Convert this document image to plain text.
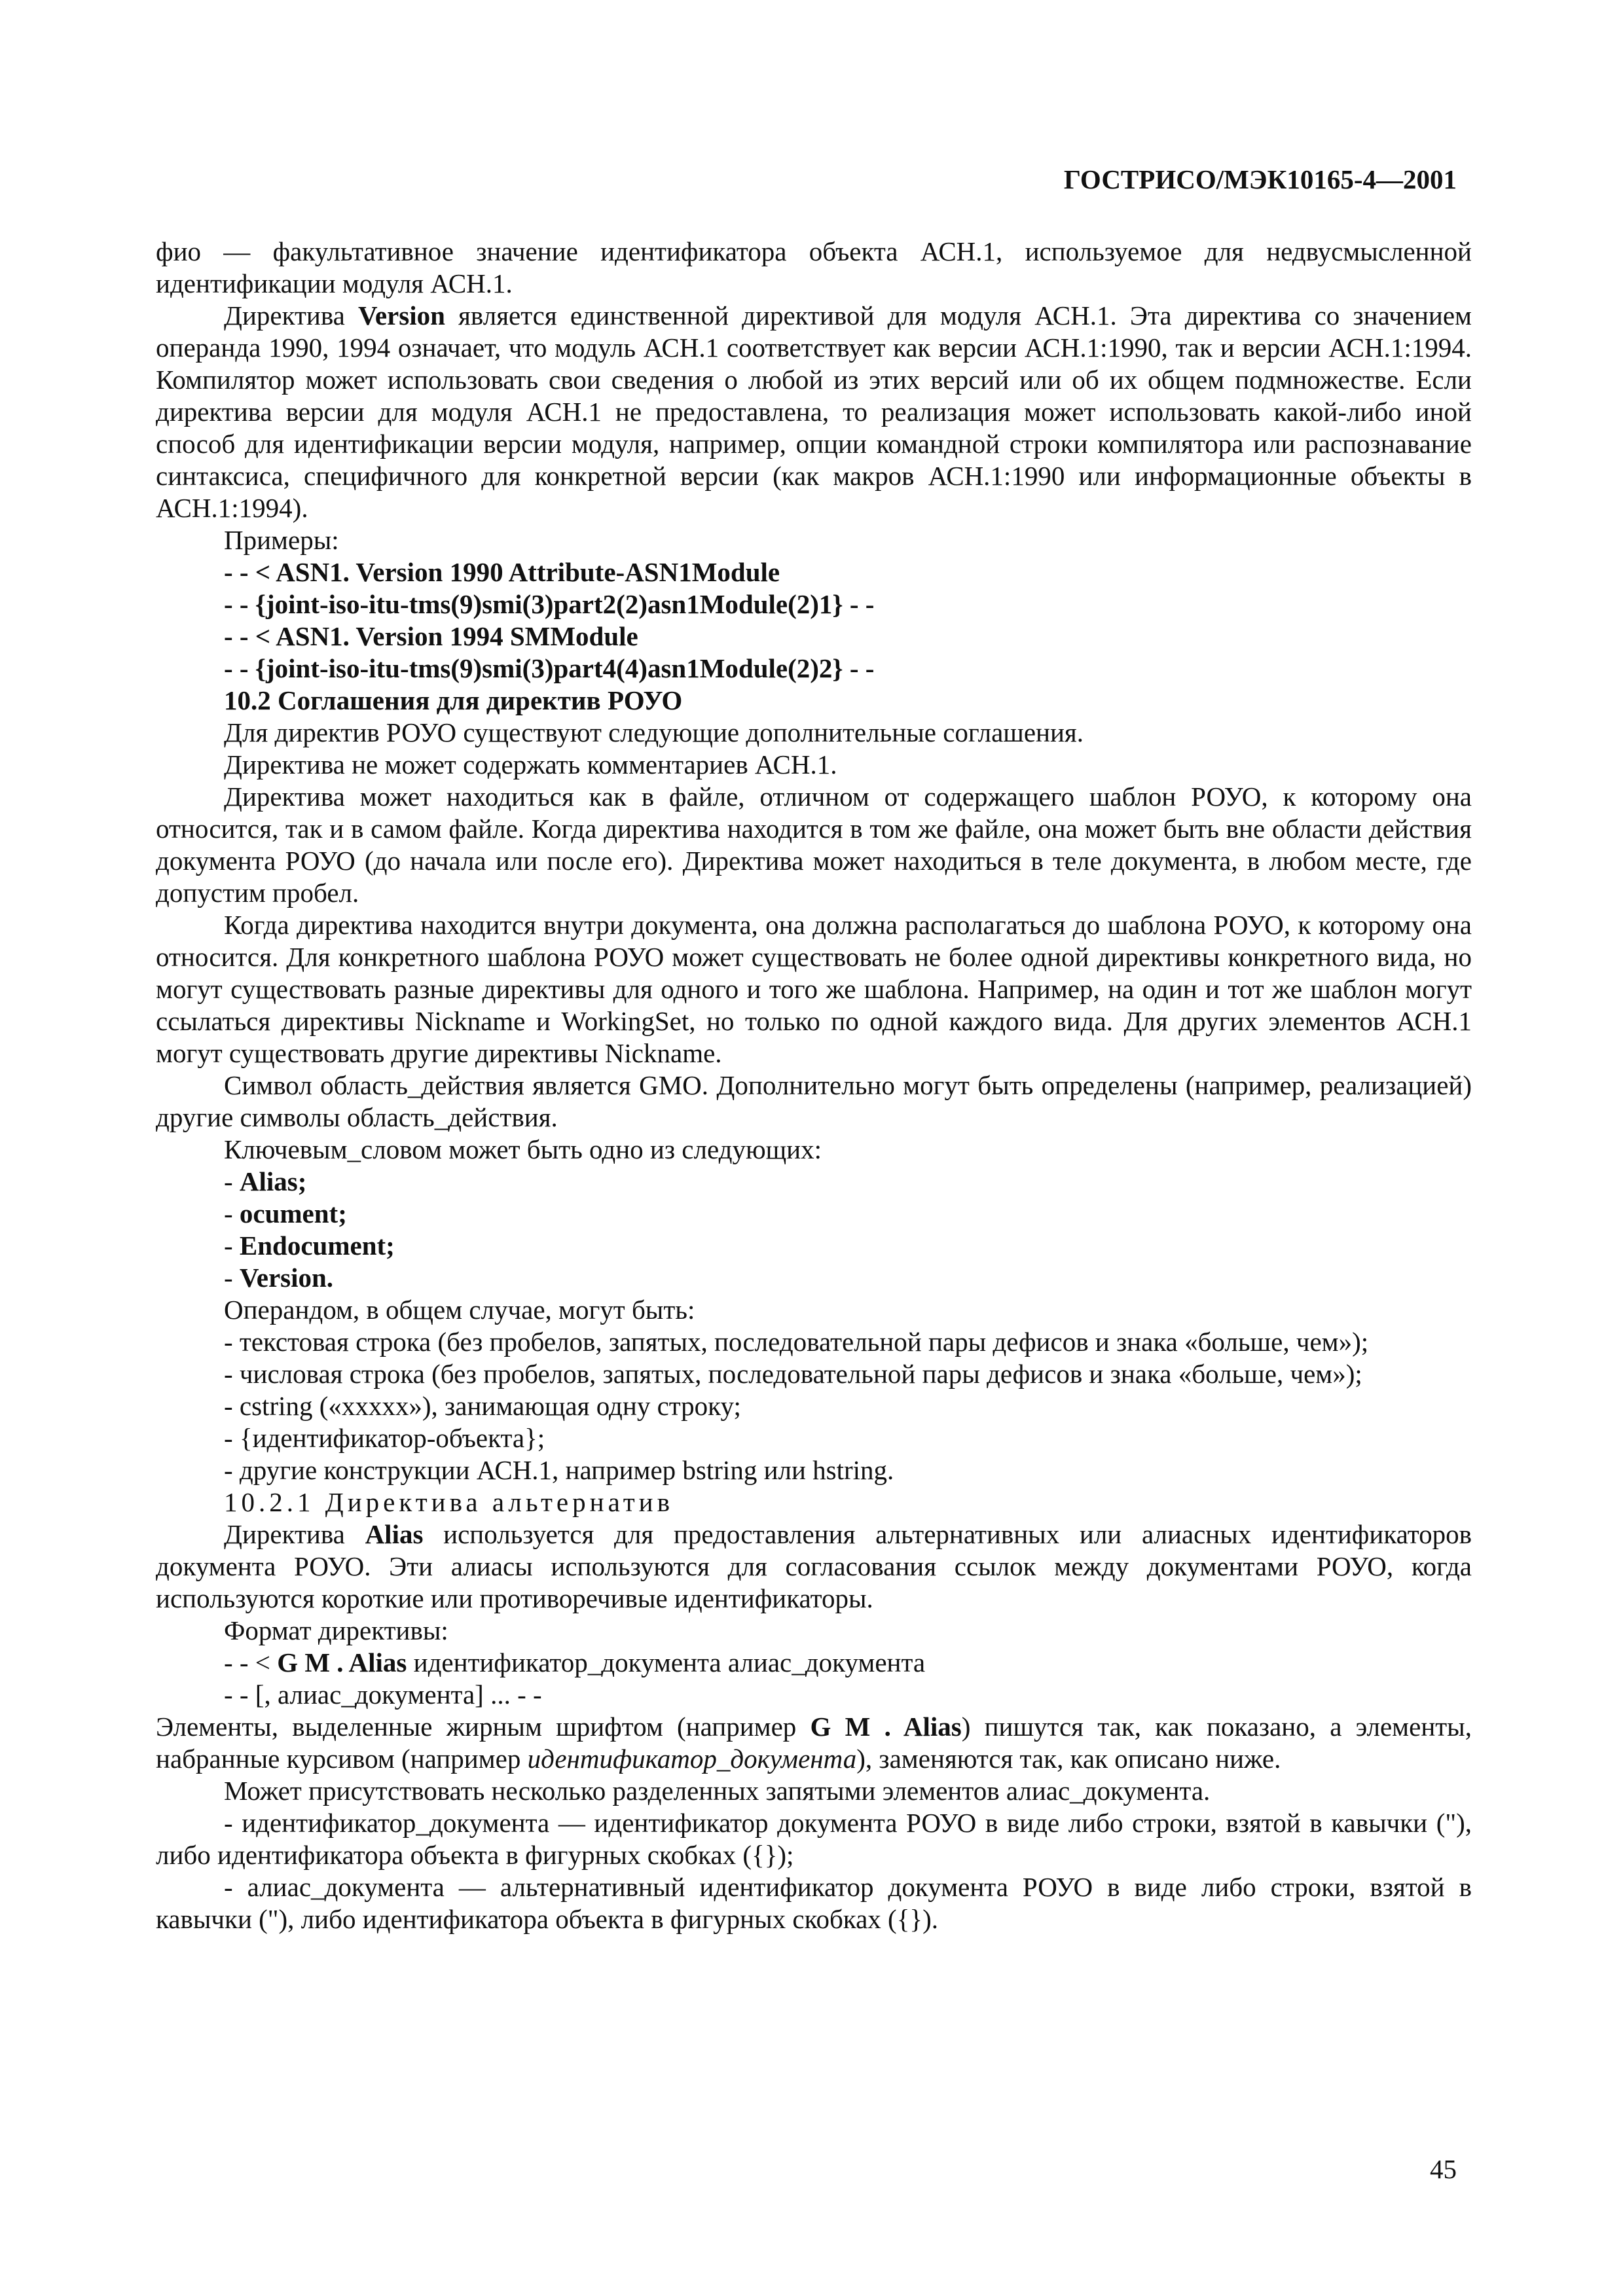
ГОСТРИСО/МЭК10165-4—2001

фио — факультативное значение идентификатора объекта АСН.1, используемое для недвусмысленной идентификации модуля АСН.1.

Директива Version является единственной директивой для модуля АСН.1. Эта директива со значением операнда 1990, 1994 означает, что модуль АСН.1 соответствует как версии АСН.1:1990, так и версии АСН.1:1994. Компилятор может использовать свои сведения о любой из этих версий или об их общем подмножестве. Если директива версии для модуля АСН.1 не предоставлена, то реализация может использовать какой-либо иной способ для идентификации версии модуля, например, опции командной строки компилятора или распознавание синтаксиса, специфичного для конкретной версии (как макров АСН.1:1990 или информационные объекты в АСН.1:1994).

Примеры:

- - < ASN1. Version 1990 Attribute-ASN1Module

- - {joint-iso-itu-tms(9)smi(3)part2(2)asn1Module(2)1} - -

- - < ASN1. Version 1994 SMModule

- - {joint-iso-itu-tms(9)smi(3)part4(4)asn1Module(2)2} - -

10.2 Соглашения для директив РОУО

Для директив РОУО существуют следующие дополнительные соглашения.

Директива не может содержать комментариев АСН.1.

Директива может находиться как в файле, отличном от содержащего шаблон РОУО, к которому она относится, так и в самом файле. Когда директива находится в том же файле, она может быть вне области действия документа РОУО (до начала или после его). Директива может находиться в теле документа, в любом месте, где допустим пробел.

Когда директива находится внутри документа, она должна располагаться до шаблона РОУО, к которому она относится. Для конкретного шаблона РОУО может существовать не более одной директивы конкретного вида, но могут существовать разные директивы для одного и того же шаблона. Например, на один и тот же шаблон могут ссылаться директивы Nickname и WorkingSet, но только по одной каждого вида. Для других элементов АСН.1 могут существовать другие директивы Nickname.

Символ область_действия является GMO. Дополнительно могут быть определены (например, реализацией) другие символы область_действия.

Ключевым_словом может быть одно из следующих:

- Alias;

- ocument;

- Endocument;

- Version.

Операндом, в общем случае, могут быть:

- текстовая строка (без пробелов, запятых, последовательной пары дефисов и знака «больше, чем»);

- числовая строка (без пробелов, запятых, последовательной пары дефисов и знака «больше, чем»);

- cstring («xxxxx»), занимающая одну строку;

- {идентификатор-объекта};

- другие конструкции АСН.1, например bstring или hstring.

10.2.1 Директива альтернатив

Директива Alias используется для предоставления альтернативных или алиасных идентификаторов документа РОУО. Эти алиасы используются для согласования ссылок между документами РОУО, когда используются короткие или противоречивые идентификаторы.

Формат директивы:

- - < G M . Alias идентификатор_документа алиас_документа

- - [, алиас_документа] ... - -

Элементы, выделенные жирным шрифтом (например G M . Alias) пишутся так, как показано, а элементы, набранные курсивом (например идентификатор_документа), заменяются так, как описано ниже.

Может присутствовать несколько разделенных запятыми элементов алиас_документа.

- идентификатор_документа — идентификатор документа РОУО в виде либо строки, взятой в кавычки ("), либо идентификатора объекта в фигурных скобках ({});

- алиас_документа — альтернативный идентификатор документа РОУО в виде либо строки, взятой в кавычки ("), либо идентификатора объекта в фигурных скобках ({}).

45
